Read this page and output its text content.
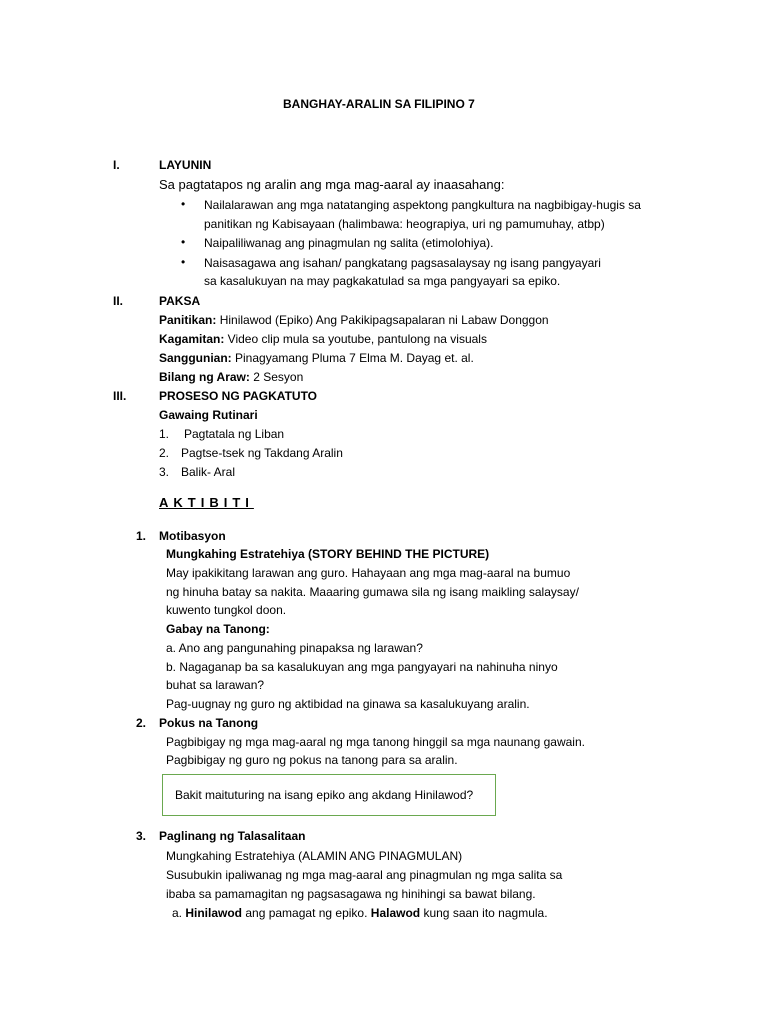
BANGHAY-ARALIN SA FILIPINO 7
I.	LAYUNIN
Sa pagtatapos ng aralin ang mga mag-aaral ay inaasahang:
• Nailalarawan ang mga natatanging aspektong pangkultura na nagbibigay-hugis sa
panitikan ng Kabisayaan (halimbawa: heograpiya, uri ng pamumuhay, atbp)
• Naipaliliwanag ang pinagmulan ng salita (etimolohiya).
• Naisasagawa ang isahan/ pangkatang pagsasalaysay ng isang pangyayari
sa kasalukuyan na may pagkakatulad sa mga pangyayari sa epiko.
II.	PAKSA
Panitikan: Hinilawod (Epiko) Ang Pakikipagsapalaran ni Labaw Donggon
Kagamitan: Video clip mula sa youtube, pantulong na visuals
Sanggunian: Pinagyamang Pluma 7 Elma M. Dayag et. al.
Bilang ng Araw: 2 Sesyon
III.	PROSESO NG PAGKATUTO
Gawaing Rutinari
1. Pagtatala ng Liban
2. Pagtse-tsek ng Takdang Aralin
3. Balik- Aral
AKTIBITI
1. Motibasyon
Mungkahing Estratehiya (STORY BEHIND THE PICTURE)
May ipakikitang larawan ang guro. Hahayaan ang mga mag-aaral na bumuo
ng hinuha batay sa nakita. Maaaring gumawa sila ng isang maikling salaysay/
kuwento tungkol doon.
Gabay na Tanong:
a. Ano ang pangunahing pinapaksa ng larawan?
b. Nagaganap ba sa kasalukuyan ang mga pangyayari na nahinuha ninyo
buhat sa larawan?
Pag-uugnay ng guro ng aktibidad na ginawa sa kasalukuyang aralin.
2. Pokus na Tanong
Pagbibigay ng mga mag-aaral ng mga tanong hinggil sa mga naunang gawain.
Pagbibigay ng guro ng pokus na tanong para sa aralin.
Bakit maituturing na isang epiko ang akdang Hinilawod?
3. Paglinang ng Talasalitaan
Mungkahing Estratehiya (ALAMIN ANG PINAGMULAN)
Susubukin ipaliwanag ng mga mag-aaral ang pinagmulan ng mga salita sa
ibaba sa pamamagitan ng pagsasagawa ng hinihingi sa bawat bilang.
a. Hinilawod ang pamagat ng epiko. Halawod kung saan ito nagmula.
